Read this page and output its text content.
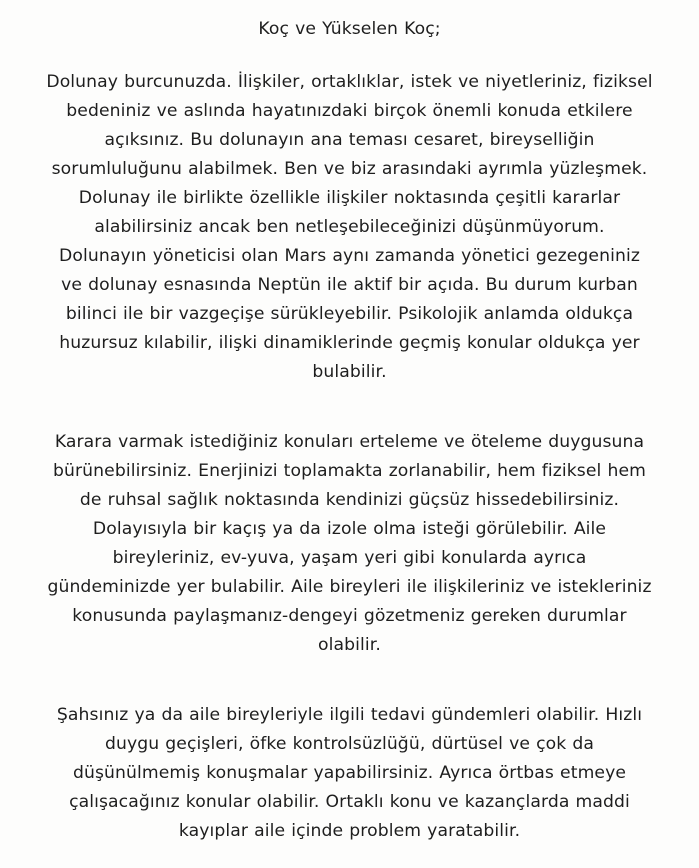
Koç ve Yükselen Koç;
Dolunay burcunuzda. İlişkiler, ortaklıklar, istek ve niyetleriniz, fiziksel
bedeniniz ve aslında hayatınızdaki birçok önemli konuda etkilere
açıksınız. Bu dolunayın ana teması cesaret, bireyselliğin
sorumluluğunu alabilmek. Ben ve biz arasındaki ayrımla yüzleşmek.
Dolunay ile birlikte özellikle ilişkiler noktasında çeşitli kararlar
alabilirsiniz ancak ben netleşebileceğinizi düşünmüyorum.
Dolunayın yöneticisi olan Mars aynı zamanda yönetici gezegeniniz
ve dolunay esnasında Neptün ile aktif bir açıda. Bu durum kurban
bilinci ile bir vazgeçişe sürükleyebilir. Psikolojik anlamda oldukça
huzursuz kılabilir, ilişki dinamiklerinde geçmiş konular oldukça yer
bulabilir.
Karara varmak istediğiniz konuları erteleme ve öteleme duygusuna
bürünebilirsiniz. Enerjinizi toplamakta zorlanabilir, hem fiziksel hem
de ruhsal sağlık noktasında kendinizi güçsüz hissedebilirsiniz.
Dolayısıyla bir kaçış ya da izole olma isteği görülebilir. Aile
bireyleriniz, ev-yuva, yaşam yeri gibi konularda ayrıca
gündeminizde yer bulabilir. Aile bireyleri ile ilişkileriniz ve istekleriniz
konusunda paylaşmanız-dengeyi gözetmeniz gereken durumlar
olabilir.
Şahsınız ya da aile bireyleriyle ilgili tedavi gündemleri olabilir. Hızlı
duygu geçişleri, öfke kontrolsüzlüğü, dürtüsel ve çok da
düşünülmemiş konuşmalar yapabilirsiniz. Ayrıca örtbas etmeye
çalışacağınız konular olabilir. Ortaklı konu ve kazançlarda maddi
kayıplar aile içinde problem yaratabilir.
